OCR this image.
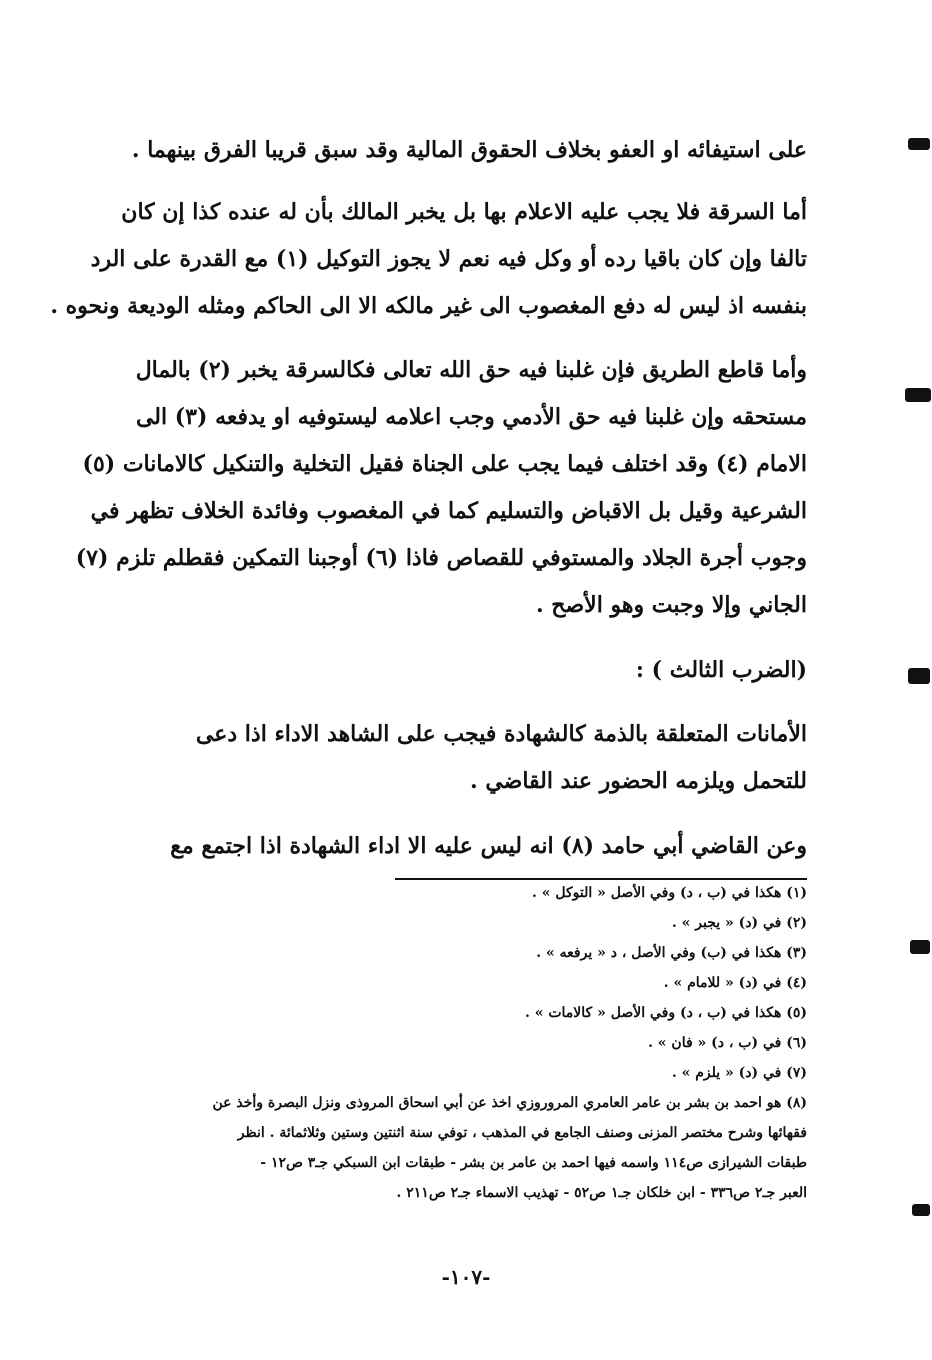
على استيفائه او العفو بخلاف الحقوق المالية وقد سبق قريبا الفرق بينهما .
أما السرقة فلا يجب عليه الاعلام بها بل يخبر المالك بأن له عنده كذا إن كان
تالفا وإن كان باقيا رده أو وكل فيه نعم لا يجوز التوكيل (١) مع القدرة على الرد
بنفسه اذ ليس له دفع المغصوب الى غير مالكه الا الى الحاكم ومثله الوديعة ونحوه .
وأما قاطع الطريق فإن غلبنا فيه حق الله تعالى فكالسرقة يخبر (٢) بالمال
مستحقه وإن غلبنا فيه حق الأدمي وجب اعلامه ليستوفيه او يدفعه (٣) الى
الامام (٤) وقد اختلف فيما يجب على الجناة فقيل التخلية والتنكيل كالامانات (٥)
الشرعية وقيل بل الاقباض والتسليم كما في المغصوب وفائدة الخلاف تظهر في
وجوب أجرة الجلاد والمستوفي للقصاص فاذا (٦) أوجبنا التمكين فقطلم تلزم (٧)
الجاني وإلا وجبت وهو الأصح .
(الضرب الثالث ) :
الأمانات المتعلقة بالذمة كالشهادة فيجب على الشاهد الاداء اذا دعى
للتحمل ويلزمه الحضور عند القاضي .
وعن القاضي أبي حامد (٨) انه ليس عليه الا اداء الشهادة اذا اجتمع مع
(١) هكذا في (ب ، د) وفي الأصل « التوكل » .
(٢) في (د) « يجبر » .
(٣) هكذا في (ب) وفي الأصل ، د « يرفعه » .
(٤) في (د) « للامام » .
(٥) هكذا في (ب ، د) وفي الأصل « كالامات » .
(٦) في (ب ، د) « فان » .
(٧) في (د) « يلزم » .
(٨) هو احمد بن بشر بن عامر العامري المروروزي اخذ عن أبي اسحاق المروذى ونزل البصرة وأخذ عن
فقهائها وشرح مختصر المزنى وصنف الجامع في المذهب ، توفي سنة اثنتين وستين وثلاثمائة . انظر
طبقات الشيرازى ص١١٤ واسمه فيها احمد بن عامر بن بشر - طبقات ابن السبكي جـ٣ ص١٢ -
العبر جـ٢ ص٣٣٦ - ابن خلكان جـ١ ص٥٢ - تهذيب الاسماء جـ٢ ص٢١١ .
-١٠٧-
